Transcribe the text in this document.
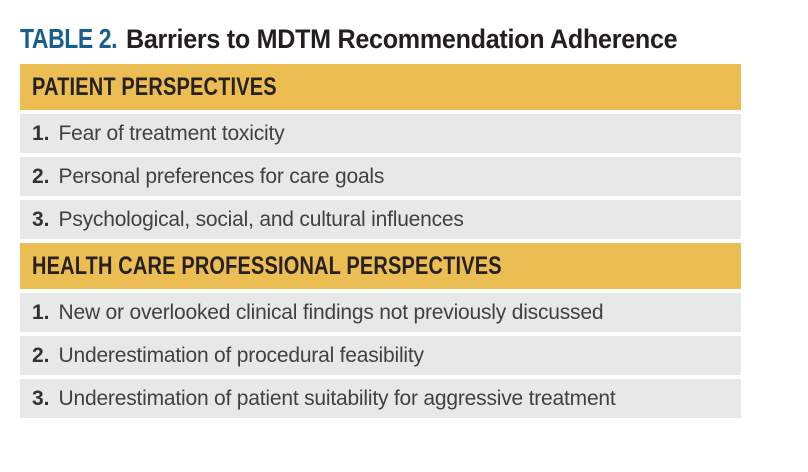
TABLE 2. Barriers to MDTM Recommendation Adherence
PATIENT PERSPECTIVES
1. Fear of treatment toxicity
2. Personal preferences for care goals
3. Psychological, social, and cultural influences
HEALTH CARE PROFESSIONAL PERSPECTIVES
1. New or overlooked clinical findings not previously discussed
2. Underestimation of procedural feasibility
3. Underestimation of patient suitability for aggressive treatment
